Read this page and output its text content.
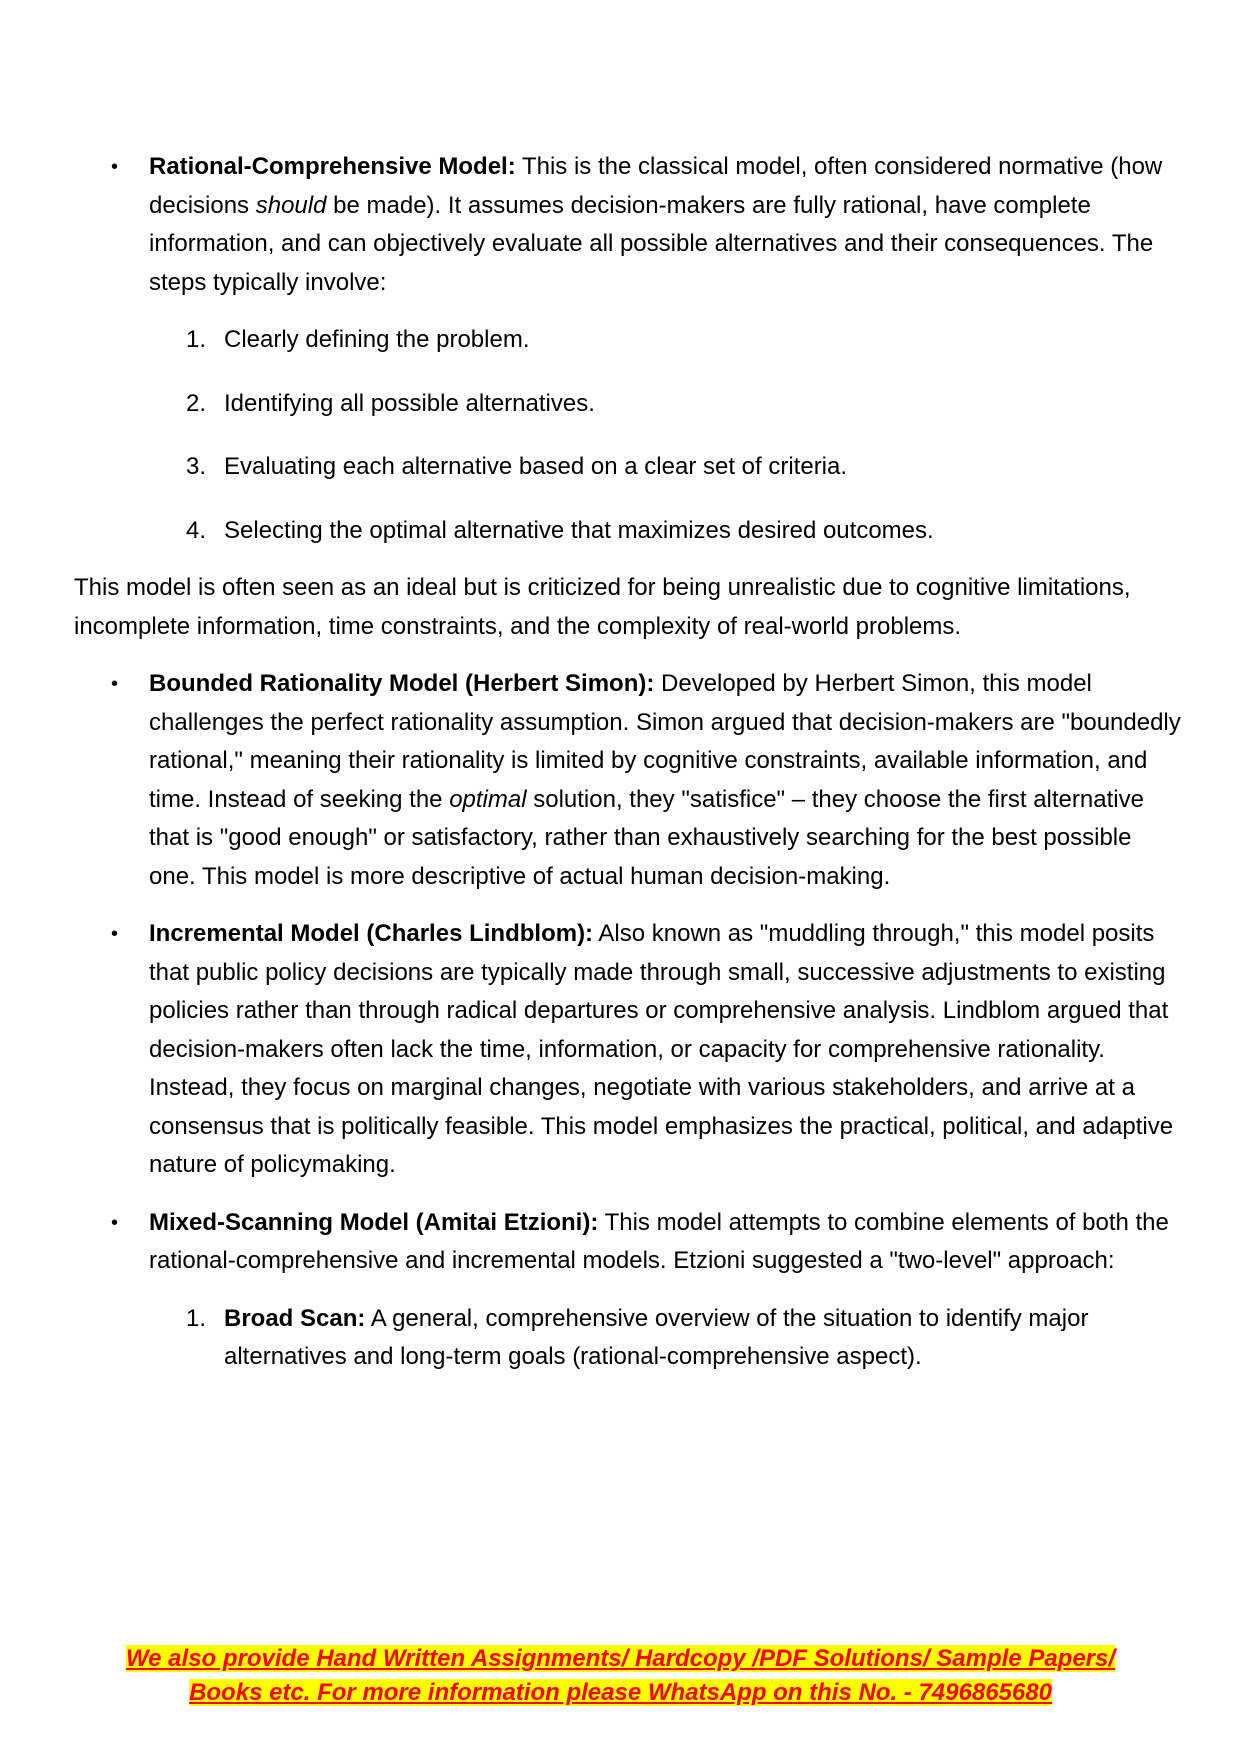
• Rational-Comprehensive Model: This is the classical model, often considered normative (how decisions should be made). It assumes decision-makers are fully rational, have complete information, and can objectively evaluate all possible alternatives and their consequences. The steps typically involve:
1. Clearly defining the problem.
2. Identifying all possible alternatives.
3. Evaluating each alternative based on a clear set of criteria.
4. Selecting the optimal alternative that maximizes desired outcomes.

This model is often seen as an ideal but is criticized for being unrealistic due to cognitive limitations, incomplete information, time constraints, and the complexity of real-world problems.

• Bounded Rationality Model (Herbert Simon): Developed by Herbert Simon, this model challenges the perfect rationality assumption. Simon argued that decision-makers are "boundedly rational," meaning their rationality is limited by cognitive constraints, available information, and time. Instead of seeking the optimal solution, they "satisfice" – they choose the first alternative that is "good enough" or satisfactory, rather than exhaustively searching for the best possible one. This model is more descriptive of actual human decision-making.
• Incremental Model (Charles Lindblom): Also known as "muddling through," this model posits that public policy decisions are typically made through small, successive adjustments to existing policies rather than through radical departures or comprehensive analysis. Lindblom argued that decision-makers often lack the time, information, or capacity for comprehensive rationality. Instead, they focus on marginal changes, negotiate with various stakeholders, and arrive at a consensus that is politically feasible. This model emphasizes the practical, political, and adaptive nature of policymaking.
• Mixed-Scanning Model (Amitai Etzioni): This model attempts to combine elements of both the rational-comprehensive and incremental models. Etzioni suggested a "two-level" approach:
1. Broad Scan: A general, comprehensive overview of the situation to identify major alternatives and long-term goals (rational-comprehensive aspect).
We also provide Hand Written Assignments/ Hardcopy /PDF Solutions/ Sample Papers/
Books etc. For more information please WhatsApp on this No. - 7496865680
